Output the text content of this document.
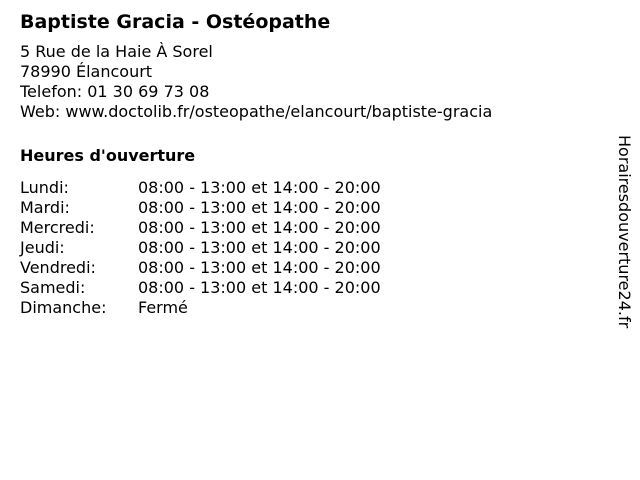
Baptiste Gracia - Ostéopathe
5 Rue de la Haie À Sorel
78990 Élancourt
Telefon: 01 30 69 73 08
Web: www.doctolib.fr/osteopathe/elancourt/baptiste-gracia
Heures d'ouverture
Lundi:	08:00 - 13:00 et 14:00 - 20:00
Mardi:	08:00 - 13:00 et 14:00 - 20:00
Mercredi:	08:00 - 13:00 et 14:00 - 20:00
Jeudi:	08:00 - 13:00 et 14:00 - 20:00
Vendredi:	08:00 - 13:00 et 14:00 - 20:00
Samedi:	08:00 - 13:00 et 14:00 - 20:00
Dimanche:	Fermé	Horairesdouverture24.fr
